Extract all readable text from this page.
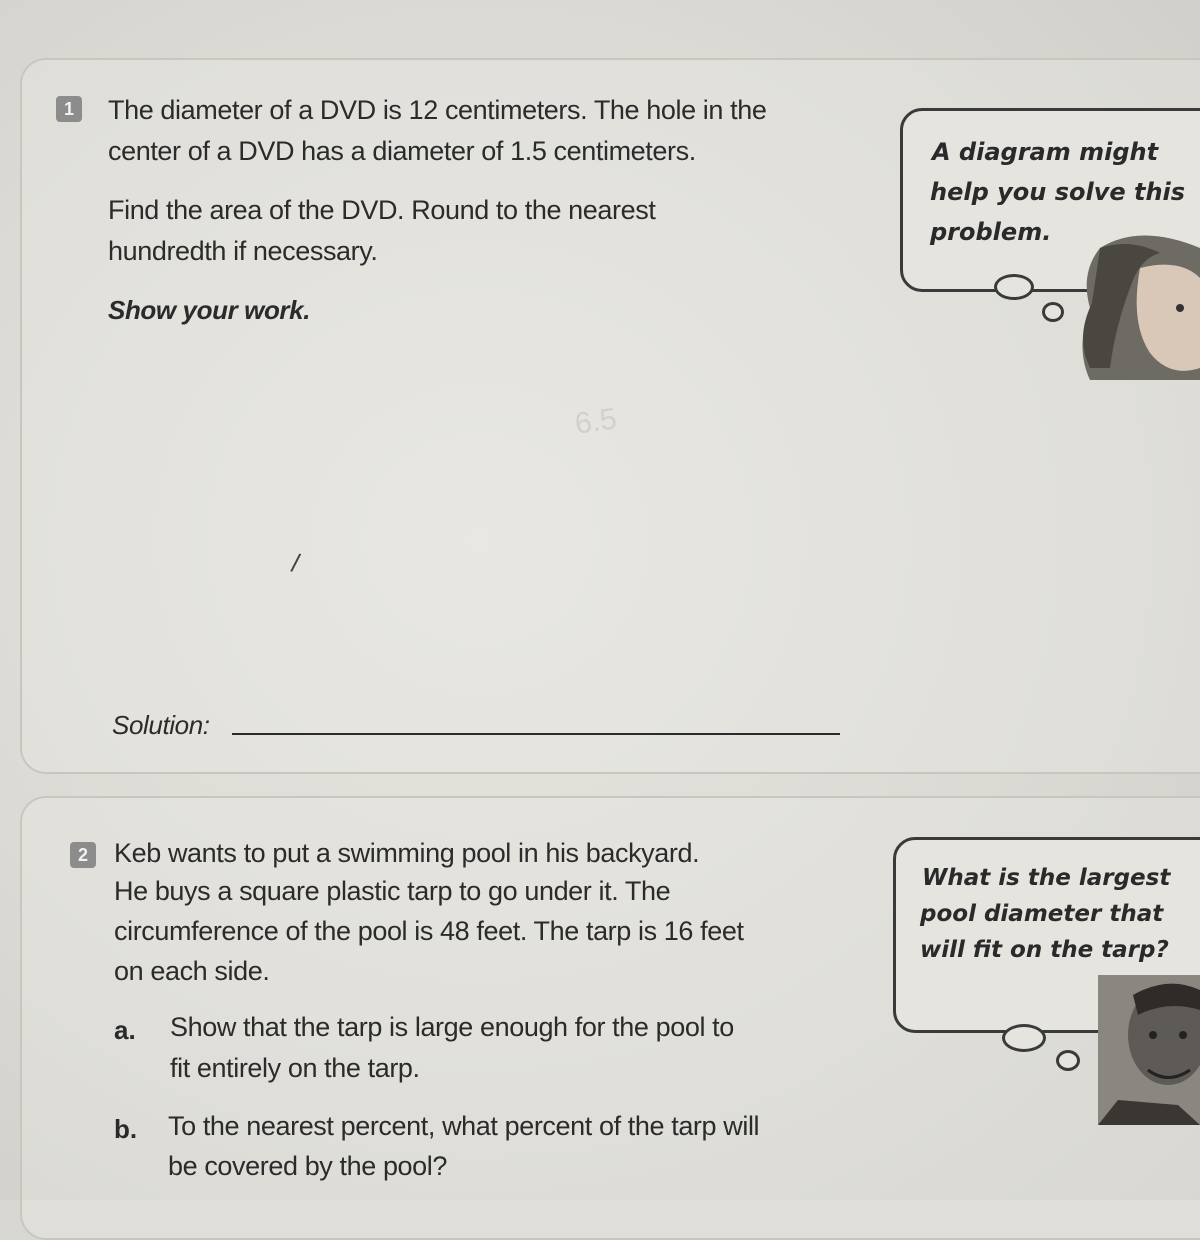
1 The diameter of a DVD is 12 centimeters. The hole in the
center of a DVD has a diameter of 1.5 centimeters.
Find the area of the DVD. Round to the nearest
hundredth if necessary.
Show your work.
6.5
/
Solution:
A diagram might
help you solve this
problem.
2 Keb wants to put a swimming pool in his backyard.
He buys a square plastic tarp to go under it. The
circumference of the pool is 48 feet. The tarp is 16 feet
on each side.
a. Show that the tarp is large enough for the pool to
fit entirely on the tarp.
b. To the nearest percent, what percent of the tarp will
be covered by the pool?
What is the largest
pool diameter that
will fit on the tarp?
